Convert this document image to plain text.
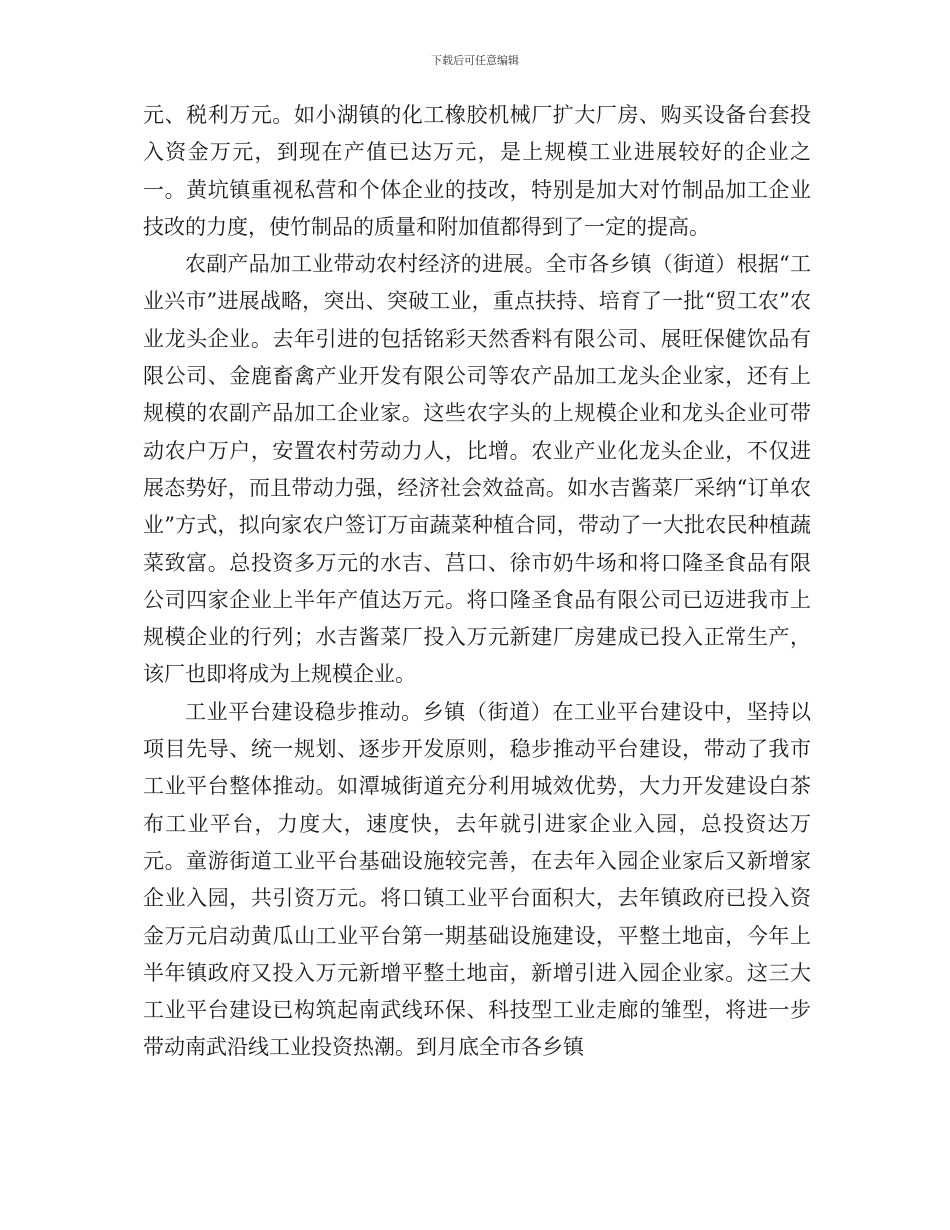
下载后可任意编辑

元、税利万元。如小湖镇的化工橡胶机械厂扩大厂房、购买设备台套投入资金万元，到现在产值已达万元，是上规模工业进展较好的企业之一。黄坑镇重视私营和个体企业的技改，特别是加大对竹制品加工企业技改的力度，使竹制品的质量和附加值都得到了一定的提高。

农副产品加工业带动农村经济的进展。全市各乡镇（街道）根据“工业兴市”进展战略，突出、突破工业，重点扶持、培育了一批“贸工农”农业龙头企业。去年引进的包括铭彩天然香料有限公司、展旺保健饮品有限公司、金鹿畜禽产业开发有限公司等农产品加工龙头企业家，还有上规模的农副产品加工企业家。这些农字头的上规模企业和龙头企业可带动农户万户，安置农村劳动力人，比增。农业产业化龙头企业，不仅进展态势好，而且带动力强，经济社会效益高。如水吉酱菜厂采纳“订单农业”方式，拟向家农户签订万亩蔬菜种植合同，带动了一大批农民种植蔬菜致富。总投资多万元的水吉、莒口、徐市奶牛场和将口隆圣食品有限公司四家企业上半年产值达万元。将口隆圣食品有限公司已迈进我市上规模企业的行列；水吉酱菜厂投入万元新建厂房建成已投入正常生产，该厂也即将成为上规模企业。

工业平台建设稳步推动。乡镇（街道）在工业平台建设中，坚持以项目先导、统一规划、逐步开发原则，稳步推动平台建设，带动了我市工业平台整体推动。如潭城街道充分利用城效优势，大力开发建设白茶布工业平台，力度大，速度快，去年就引进家企业入园，总投资达万元。童游街道工业平台基础设施较完善，在去年入园企业家后又新增家企业入园，共引资万元。将口镇工业平台面积大，去年镇政府已投入资金万元启动黄瓜山工业平台第一期基础设施建设，平整土地亩，今年上半年镇政府又投入万元新增平整土地亩，新增引进入园企业家。这三大工业平台建设已构筑起南武线环保、科技型工业走廊的雏型，将进一步带动南武沿线工业投资热潮。到月底全市各乡镇
